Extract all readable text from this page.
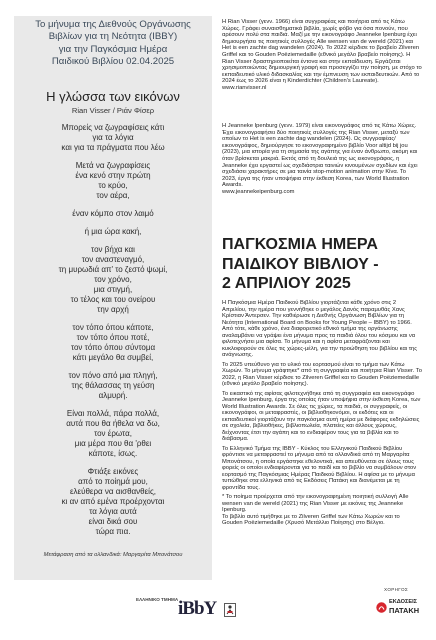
Το μήνυμα της Διεθνούς Οργάνωσης
Βιβλίων για τη Νεότητα (IBBY)
για την Παγκόσμια Ημέρα
Παιδικού Βιβλίου 02.04.2025
Η γλώσσα των εικόνων
Rian Visser / Ριάν Φίσερ
Μπορείς να ζωγραφίσεις κάτι
για τα λόγια
και για τα πράγματα που λέω
Μετά να ζωγραφίσεις
ένα κενό στην πρώτη
το κρύο,
τον αέρα,
έναν κόμπο στον λαιμό
ή μια ώρα κακή,
τον βήχα και
τον αναστεναγμό,
τη μυρωδιά απ' το ζεστό ψωμί,
τον χρόνο,
μια στιγμή,
το τέλος και του ονείρου
την αρχή
τον τόπο όπου κάποτε,
τον τόπο όπου ποτέ,
τον τόπο όπου σύντομα
κάτι μεγάλο θα συμβεί,
τον πόνο από μια πληγή,
της θάλασσας τη γεύση
αλμυρή.
Είναι πολλά, πάρα πολλά,
αυτά που θα ήθελα να δω,
τον έρωτα,
μια μέρα που θα 'ρθει
κάποτε, ίσως.
Φτιάξε εικόνες
από το ποίημά μου,
ελεύθερα να αισθανθείς,
κι αν από εμένα προέρχονται
τα λόγια αυτά
είναι δικά σου
τώρα πια.
Μετάφραση από τα ολλανδικά: Μαργαρίτα Μπονάτσου
Η Rian Visser (γενν. 1966) είναι συγγραφέας και ποιήτρια από τις Κάτω Χώρες. Γράφει συναισθηματικά βιβλία, χωρίς φόβο για όσα πονούν, που αρέσουν πολύ στα παιδιά. Μαζί με την εικονογράφο Jeanneke Ipenburg έχει δημιουργήσει τις ποιητικές συλλογές Alle wensen van de wereld (2021) και Het is een zachte dag wandelen (2024). Το 2022 κέρδισε το βραβείο Zilveren Griffel και το Gouden Poëziemedaille (εθνικό μεγάλο βραβείο ποίησης). Η Rian Visser δραστηριοποιείται έντονα και στην εκπαίδευση. Εργάζεται χρησιμοποιώντας δημιουργική γραφή και προσεγγίζει την ποίηση, με στόχο το εκπαιδευτικό υλικό διδασκαλίας και την έμπνευση των εκπαιδευτικών. Από το 2024 έως το 2026 είναι η Kinderdichter (Children's Laureate).
www.rianvisser.nl
Η Jeanneke Ipenburg (γενν. 1979) είναι εικονογράφος από τις Κάτω Χώρες. Έχει εικονογραφήσει δύο ποιητικές συλλογές της Rian Visser, μεταξύ των οποίων το Het is een zachte dag wandelen (2024). Ως συγγραφέας/εικονογράφος, δημιούργησε το εικονογραφημένο βιβλίο Voor altijd bij jou (2023), μια ιστορία για τη σημασία της αγάπης για έναν άνθρωπο, ακόμη και όταν βρίσκεται μακριά. Εκτός από τη δουλειά της ως εικονογράφος, η Jeanneke έχει εργαστεί ως σχεδιάστρια ταινιών κινουμένων σχεδίων και έχει σχεδιάσει χαρακτήρες σε μια ταινία stop-motion animation στην Κίνα. Το 2023, έργα της ήταν υποψήφια στην έκθεση Korea, των World Illustration Awards.
www.jeannekeipenburg.com
ΠΑΓΚΟΣΜΙΑ ΗΜΕΡΑ
ΠΑΙΔΙΚΟΥ ΒΙΒΛΙΟΥ -
2 ΑΠΡΙΛΙΟΥ 2025

Η Παγκόσμια Ημέρα Παιδικού Βιβλίου γιορτάζεται κάθε χρόνο στις 2 Απριλίου, την ημέρα που γεννήθηκε ο μεγάλος Δανός παραμυθάς Χανς Κρίστιαν Άντερσεν. Την καθιέρωσε η Διεθνής Οργάνωση Βιβλίων για τη Νεότητα (International Board on Books for Young People – IBBY) το 1966. Από τότε, κάθε χρόνο, ένα διαφορετικό εθνικό τμήμα της οργάνωσης αναλαμβάνει να γράψει ένα μήνυμα προς τα παιδιά όλου του κόσμου και να φιλοτεχνήσει μια αφίσα. Το μήνυμα και η αφίσα μεταφράζονται και κυκλοφορούν σε όλες τις χώρες-μέλη, για την προώθηση του βιβλίου και της ανάγνωσης.

Το 2025 υπεύθυνο για το υλικό του εορτασμού είναι το τμήμα των Κάτω Χωρών. Το μήνυμα γράφτηκε* από τη συγγραφέα και ποιήτρια Rian Visser. Το 2022, η Rian Visser κέρδισε το Zilveren Griffel και το Gouden Poëziemedaille (εθνικό μεγάλο βραβείο ποίησης).

Το εικαστικό της αφίσας φιλοτεχνήθηκε από τη συγγραφέα και εικονογράφο Jeanneke Ipenburg, έργα της οποίας ήταν υποψήφια στην έκθεση Korea, των World Illustration Awards. Σε όλες τις χώρες, τα παιδιά, οι συγγραφείς, οι εικονογράφοι, οι μεταφραστές, οι βιβλιοθηκονόμοι, οι εκδότες και οι εκπαιδευτικοί γιορτάζουν την παγκόσμια αυτή ημέρα με διάφορες εκδηλώσεις σε σχολεία, βιβλιοθήκες, βιβλιοπωλεία, πλατείες και άλλους χώρους, δείχνοντας έτσι την αγάπη και το ενδιαφέρον τους για τα βιβλία και το διάβασμα.

Το Ελληνικό Τμήμα της IBBY - Κύκλος του Ελληνικού Παιδικού Βιβλίου φρόντισε να μεταφραστεί το μήνυμα από τα ολλανδικά από τη Μαργαρίτα Μπονάτσου, η οποία εργάστηκε εθελοντικά, και απευθύνεται σε όλους τους φορείς οι οποίοι ενδιαφέρονται για το παιδί και το βιβλίο να συμβάλουν στον εορτασμό της Παγκόσμιας Ημέρας Παιδικού Βιβλίου. Η αφίσα με το μήνυμα τυπώθηκε στα ελληνικά από τις Εκδόσεις Πατάκη και διανέμεται με τη φροντίδα τους.

* Το ποίημα προέρχεται από την εικονογραφημένη ποιητική συλλογή Alle wensen van de wereld (2021) της Rian Visser με εικόνες της Jeanneke Ipenburg.

Το βιβλίο αυτό τιμήθηκε με το Zilveren Griffel των Κάτω Χωρών και το Gouden Poëziemedaille (Χρυσό Μετάλλιο Ποίησης) στο Βέλγιο.

ΕΛΛΗΝΙΚΟ ΤΜΗΜΑ iBbY
ΧΟΡΗΓΟΣ
ΕΚΔΟΣΕΙΣ
ΠΑΤΑΚΗ
